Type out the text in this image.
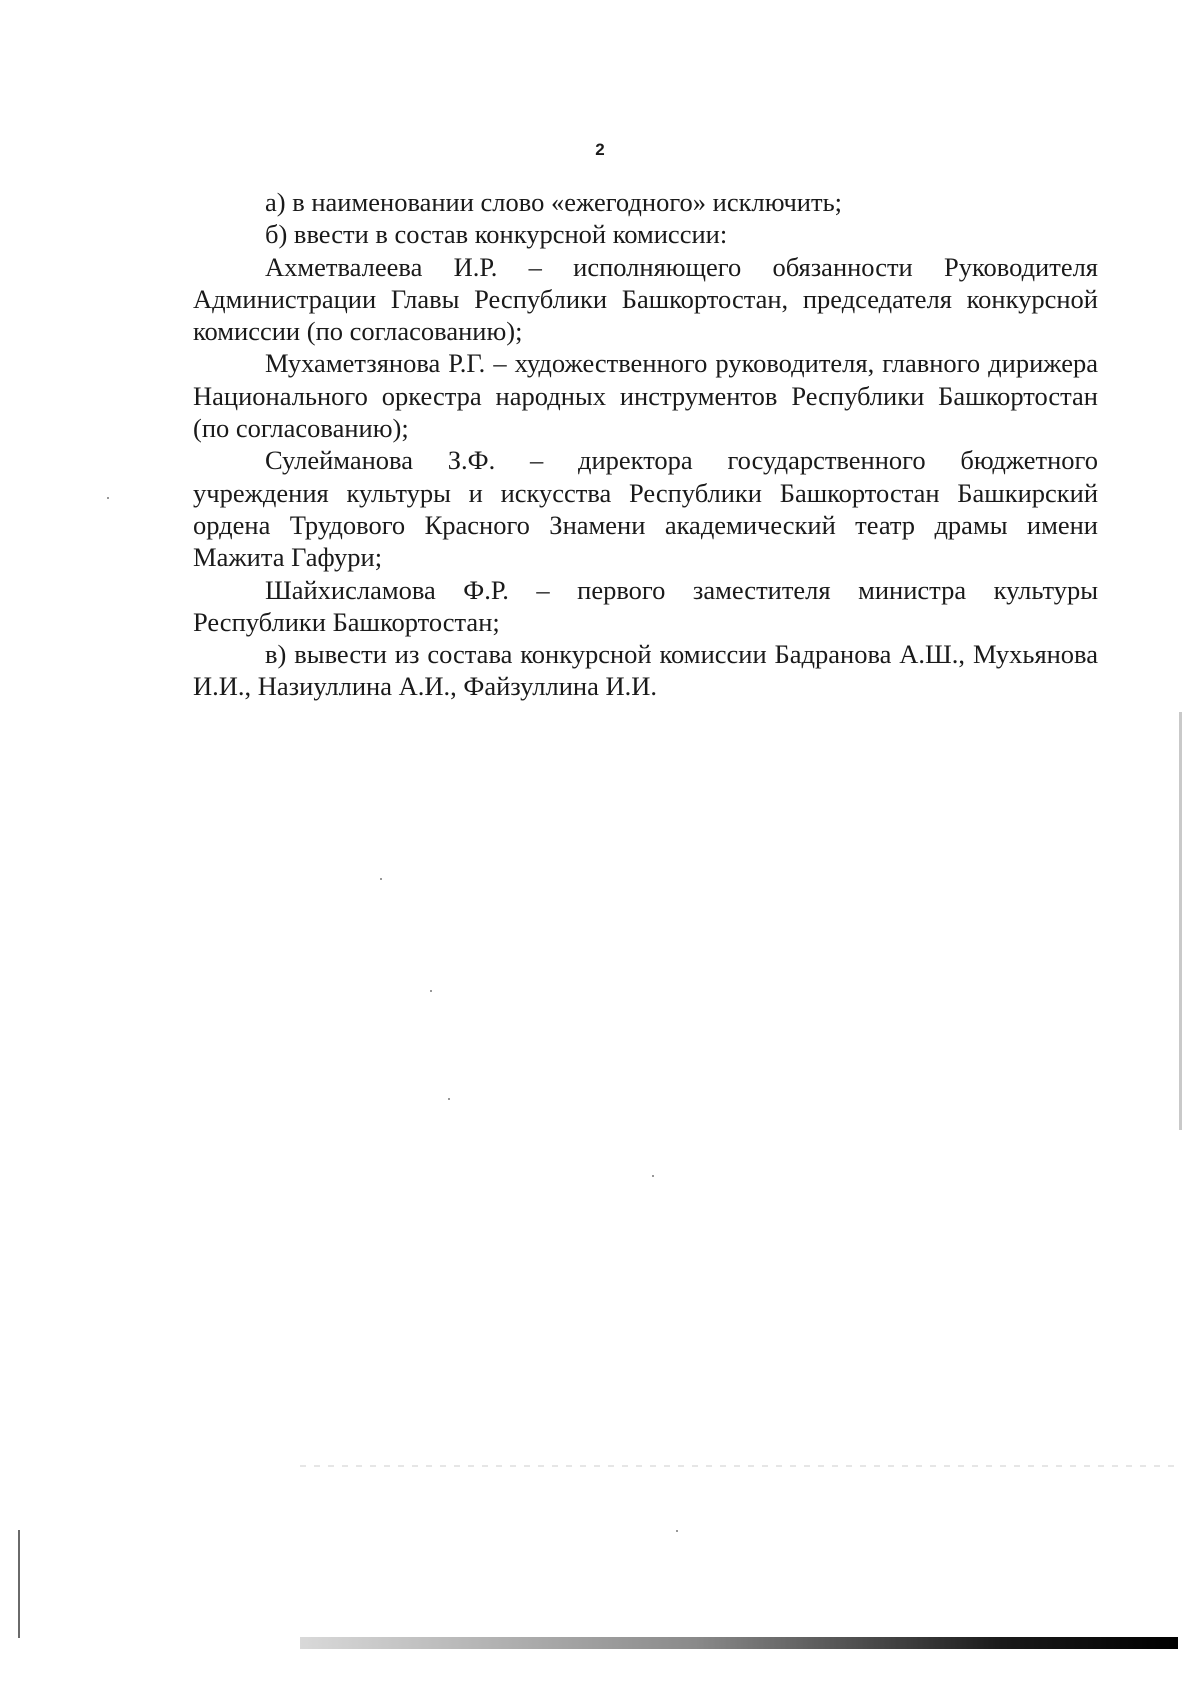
2

а) в наименовании слово «ежегодного» исключить;

б) ввести в состав конкурсной комиссии:

Ахметвалеева И.Р. – исполняющего обязанности Руководителя Администрации Главы Республики Башкортостан, председателя конкурсной комиссии (по согласованию);

Мухаметзянова Р.Г. – художественного руководителя, главного дирижера Национального оркестра народных инструментов Республики Башкортостан (по согласованию);

Сулейманова З.Ф. – директора государственного бюджетного учреждения культуры и искусства Республики Башкортостан Башкирский ордена Трудового Красного Знамени академический театр драмы имени Мажита Гафури;

Шайхисламова Ф.Р. – первого заместителя министра культуры Республики Башкортостан;

в) вывести из состава конкурсной комиссии Бадранова А.Ш., Мухьянова И.И., Назиуллина А.И., Файзуллина И.И.
